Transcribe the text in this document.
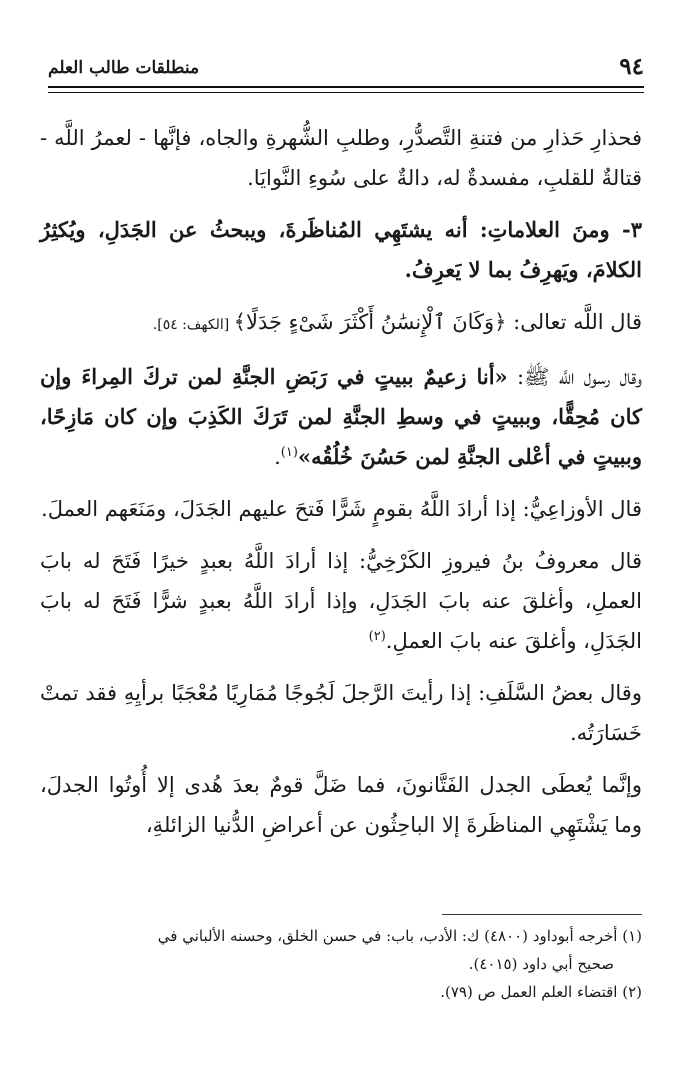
٩٤
منطلقات طالب العلم

فحذارِ حَذارِ من فتنةِ التَّصدُّرِ، وطلبِ الشُّهرةِ والجاه، فإنَّها - لعمرُ اللَّه - قتالةٌ للقلبِ، مفسدةٌ له، دالةٌ على سُوءِ النَّوايَا.

٣- ومنَ العلاماتِ: أنه يشتَهِي المُناظَرةَ، ويبحثُ عن الجَدَلِ، ويُكثِرُ الكلامَ، ويَهرِفُ بما لا يَعرِفُ.

قال اللَّه تعالى: ﴿وَكَانَ ٱلْإِنسَٰنُ أَكْثَرَ شَىْءٍ جَدَلًا﴾ [الكهف: ٥٤].

وقال رسول اللَّه ﷺ: «أنا زعيمٌ ببيتٍ في رَبَضِ الجنَّةِ لمن تركَ المِراءَ وإن كان مُحِقًّا، وببيتٍ في وسطِ الجنَّةِ لمن تَرَكَ الكَذِبَ وإن كان مَازِحًا، وببيتٍ في أعْلى الجنَّةِ لمن حَسُنَ خُلُقُه»$^{(١)}$.

قال الأوزاعِيُّ: إذا أرادَ اللَّهُ بقومٍ شَرًّا فَتحَ عليهم الجَدَلَ، ومَنَعَهم العملَ.

قال معروفُ بنُ فيروزِ الكَرْخِيُّ: إذا أرادَ اللَّهُ بعبدٍ خيرًا فَتَحَ له بابَ العملِ، وأغلقَ عنه بابَ الجَدَلِ، وإذا أرادَ اللَّهُ بعبدٍ شرًّا فَتَحَ له بابَ الجَدَلِ، وأغلقَ عنه بابَ العملِ.$^{(٢)}$

وقال بعضُ السَّلَفِ: إذا رأيتَ الرَّجلَ لَجُوجًا مُمَارِيًا مُعْجَبًا برأيِهِ فقد تمتْ خَسَارَتُه.

وإنَّما يُعطَى الجدل الفَتَّانونَ، فما ضَلَّ قومٌ بعدَ هُدى إلا أُوتُوا الجدلَ، وما يَشْتَهِي المناظَرةَ إلا الباحِثُون عن أعراضِ الدُّنيا الزائلةِ،

(١) أخرجه أبوداود (٤٨٠٠) ك: الأدب، باب: في حسن الخلق، وحسنه الألباني في

صحيح أبي داود (٤٠١٥).

(٢) اقتضاء العلم العمل ص (٧٩).
